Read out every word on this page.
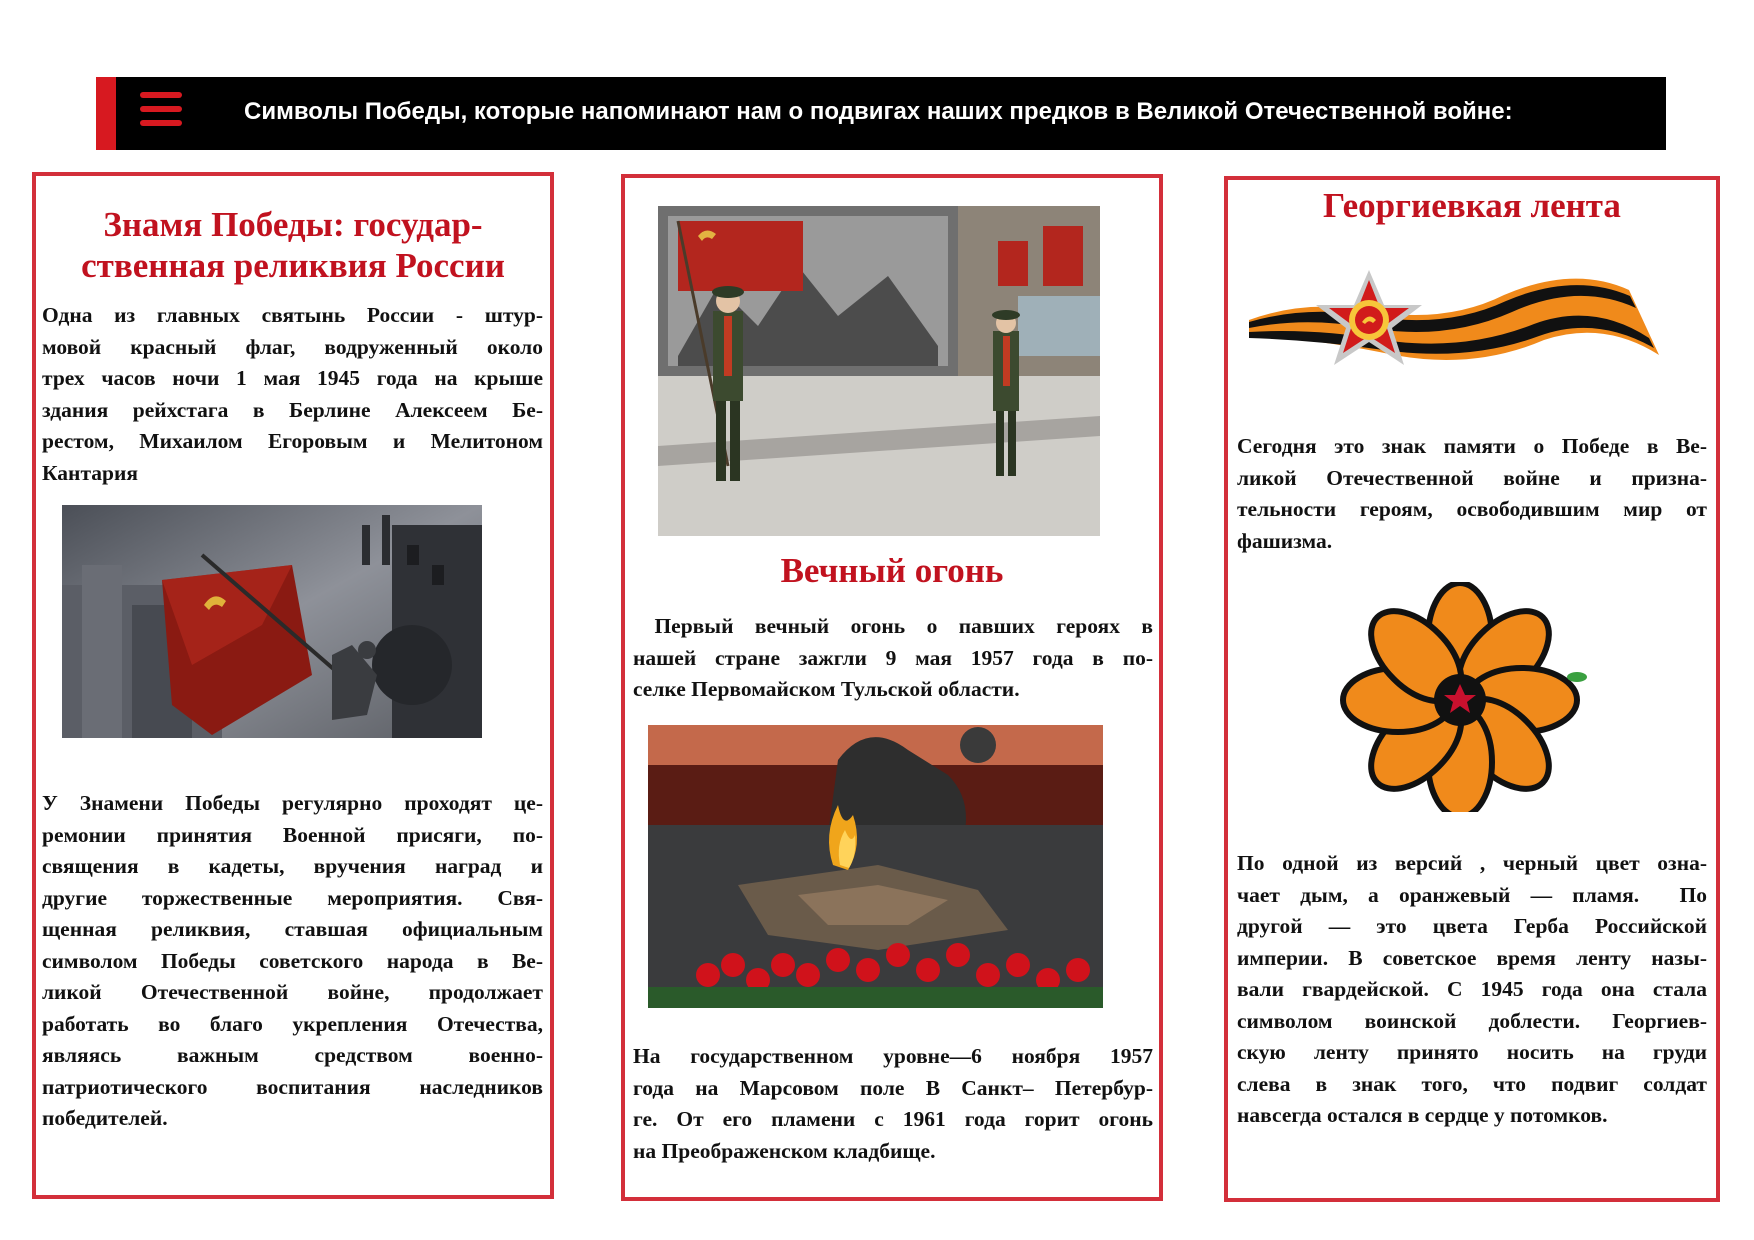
Символы Победы, которые напоминают нам о подвигах наших предков в Великой Отечественной войне:
Знамя Победы: государ-
ственная реликвия России
Одна из главных святынь России - штур-
мовой красный флаг, водруженный около
трех часов ночи 1 мая 1945 года на крыше
здания рейхстага в Берлине Алексеем Бе-
рестом, Михаилом Егоровым и Мелитоном
Кантария
У Знамени Победы регулярно проходят це-
ремонии принятия Военной присяги, по-
священия в кадеты, вручения наград и
другие торжественные мероприятия. Свя-
щенная реликвия, ставшая официальным
символом Победы советского народа в Ве-
ликой Отечественной войне, продолжает
работать во благо укрепления Отечества,
являясь важным средством военно-
патриотического воспитания наследников
победителей.
Вечный огонь
Первый вечный огонь о павших героях в
нашей стране зажгли 9 мая 1957 года в по-
селке Первомайском Тульской области.
На государственном уровне—6 ноября 1957
года на Марсовом поле В Санкт– Петербур-
ге. От его пламени с 1961 года горит огонь
на Преображенском кладбище.
Георгиевкая лента
Сегодня это знак памяти о Победе в Ве-
ликой Отечественной войне и призна-
тельности героям, освободившим мир от
фашизма.
По одной из версий , черный цвет озна-
чает дым, а оранжевый — пламя.  По
другой — это цвета Герба Российской
империи. В советское время ленту назы-
вали гвардейской. С 1945 года она стала
символом воинской доблести. Георгиев-
скую ленту принято носить на груди
слева в знак того, что подвиг солдат
навсегда остался в сердце у потомков.
